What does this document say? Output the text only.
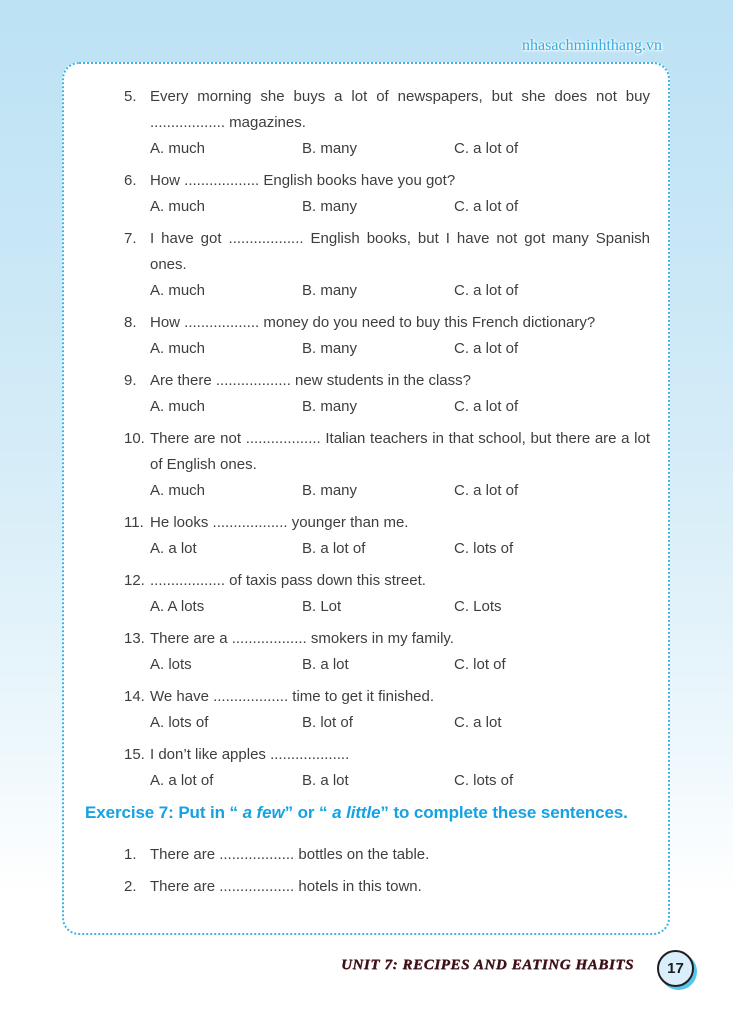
nhasachminhthang.vn

5. Every morning she buys a lot of newspapers, but she does not buy .................. magazines.

A. much	B. many	C. a lot of

6. How .................. English books have you got?

A. much	B. many	C. a lot of

7. I have got .................. English books, but I have not got many Spanish ones.

A. much	B. many	C. a lot of

8. How .................. money do you need to buy this French dictionary?

A. much	B. many	C. a lot of

9. Are there .................. new students in the class?

A. much	B. many	C. a lot of

10. There are not .................. Italian teachers in that school, but there are a lot of English ones.

A. much	B. many	C. a lot of

11. He looks .................. younger than me.

A. a lot	B. a lot of	C. lots of

12. .................. of taxis pass down this street.

A. A lots	B. Lot	C. Lots

13. There are a .................. smokers in my family.

A. lots	B. a lot	C. lot of

14. We have .................. time to get it finished.

A. lots of	B. lot of	C. a lot

15. I don’t like apples ...................

A. a lot of	B. a lot	C. lots of
Exercise 7: Put in “ a few” or “ a little” to complete these sentences.

1. There are .................. bottles on the table.

2. There are .................. hotels in this town.

UNIT 7: RECIPES AND EATING HABITS	17
